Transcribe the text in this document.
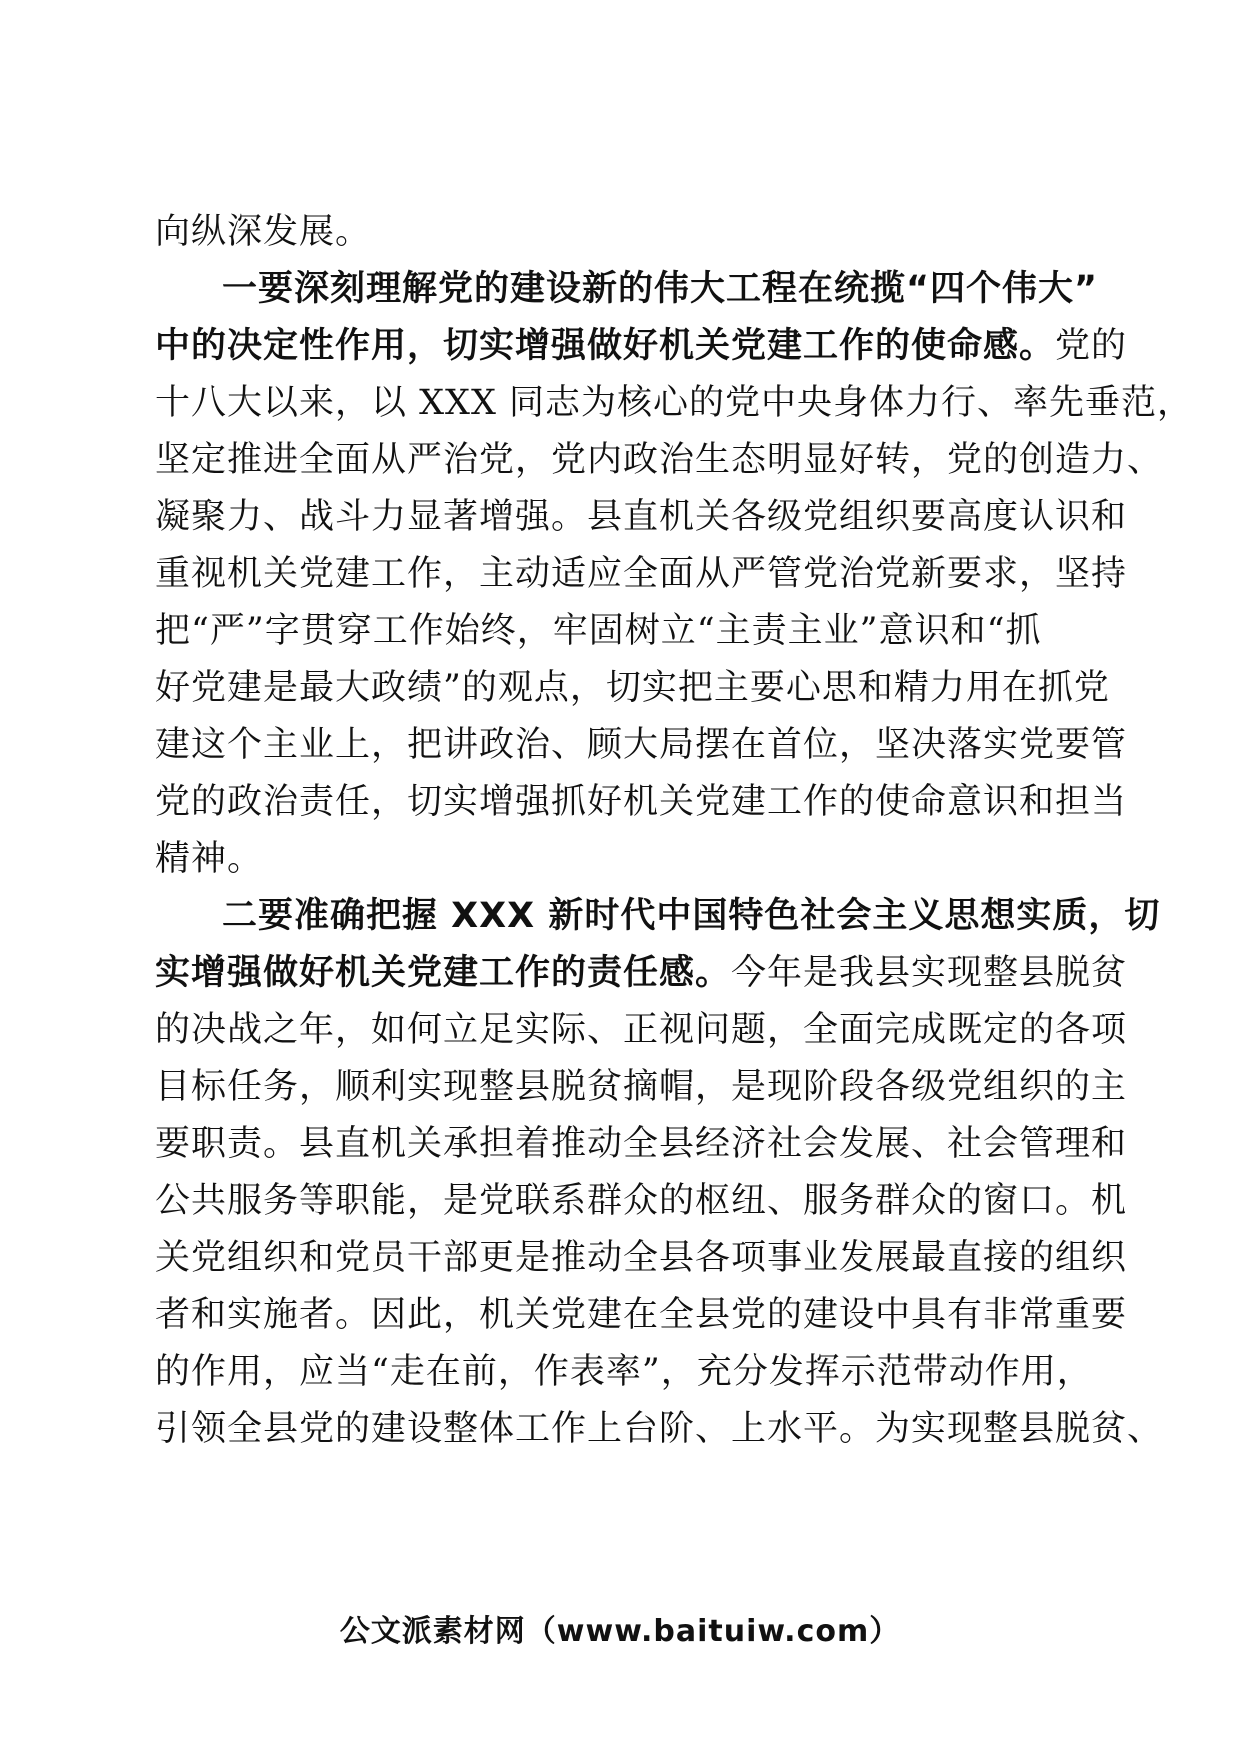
向纵深发展。
一要深刻理解党的建设新的伟大工程在统揽“四个伟大”
中的决定性作用，切实增强做好机关党建工作的使命感。党的
十八大以来，以 XXX 同志为核心的党中央身体力行、率先垂范，
坚定推进全面从严治党，党内政治生态明显好转，党的创造力、
凝聚力、战斗力显著增强。县直机关各级党组织要高度认识和
重视机关党建工作，主动适应全面从严管党治党新要求，坚持
把“严”字贯穿工作始终，牢固树立“主责主业”意识和“抓
好党建是最大政绩”的观点，切实把主要心思和精力用在抓党
建这个主业上，把讲政治、顾大局摆在首位，坚决落实党要管
党的政治责任，切实增强抓好机关党建工作的使命意识和担当
精神。
二要准确把握 XXX 新时代中国特色社会主义思想实质，切
实增强做好机关党建工作的责任感。今年是我县实现整县脱贫
的决战之年，如何立足实际、正视问题，全面完成既定的各项
目标任务，顺利实现整县脱贫摘帽，是现阶段各级党组织的主
要职责。县直机关承担着推动全县经济社会发展、社会管理和
公共服务等职能，是党联系群众的枢纽、服务群众的窗口。机
关党组织和党员干部更是推动全县各项事业发展最直接的组织
者和实施者。因此，机关党建在全县党的建设中具有非常重要
的作用，应当“走在前，作表率”，充分发挥示范带动作用，
引领全县党的建设整体工作上台阶、上水平。为实现整县脱贫、
公文派素材网（www.baituiw.com）
